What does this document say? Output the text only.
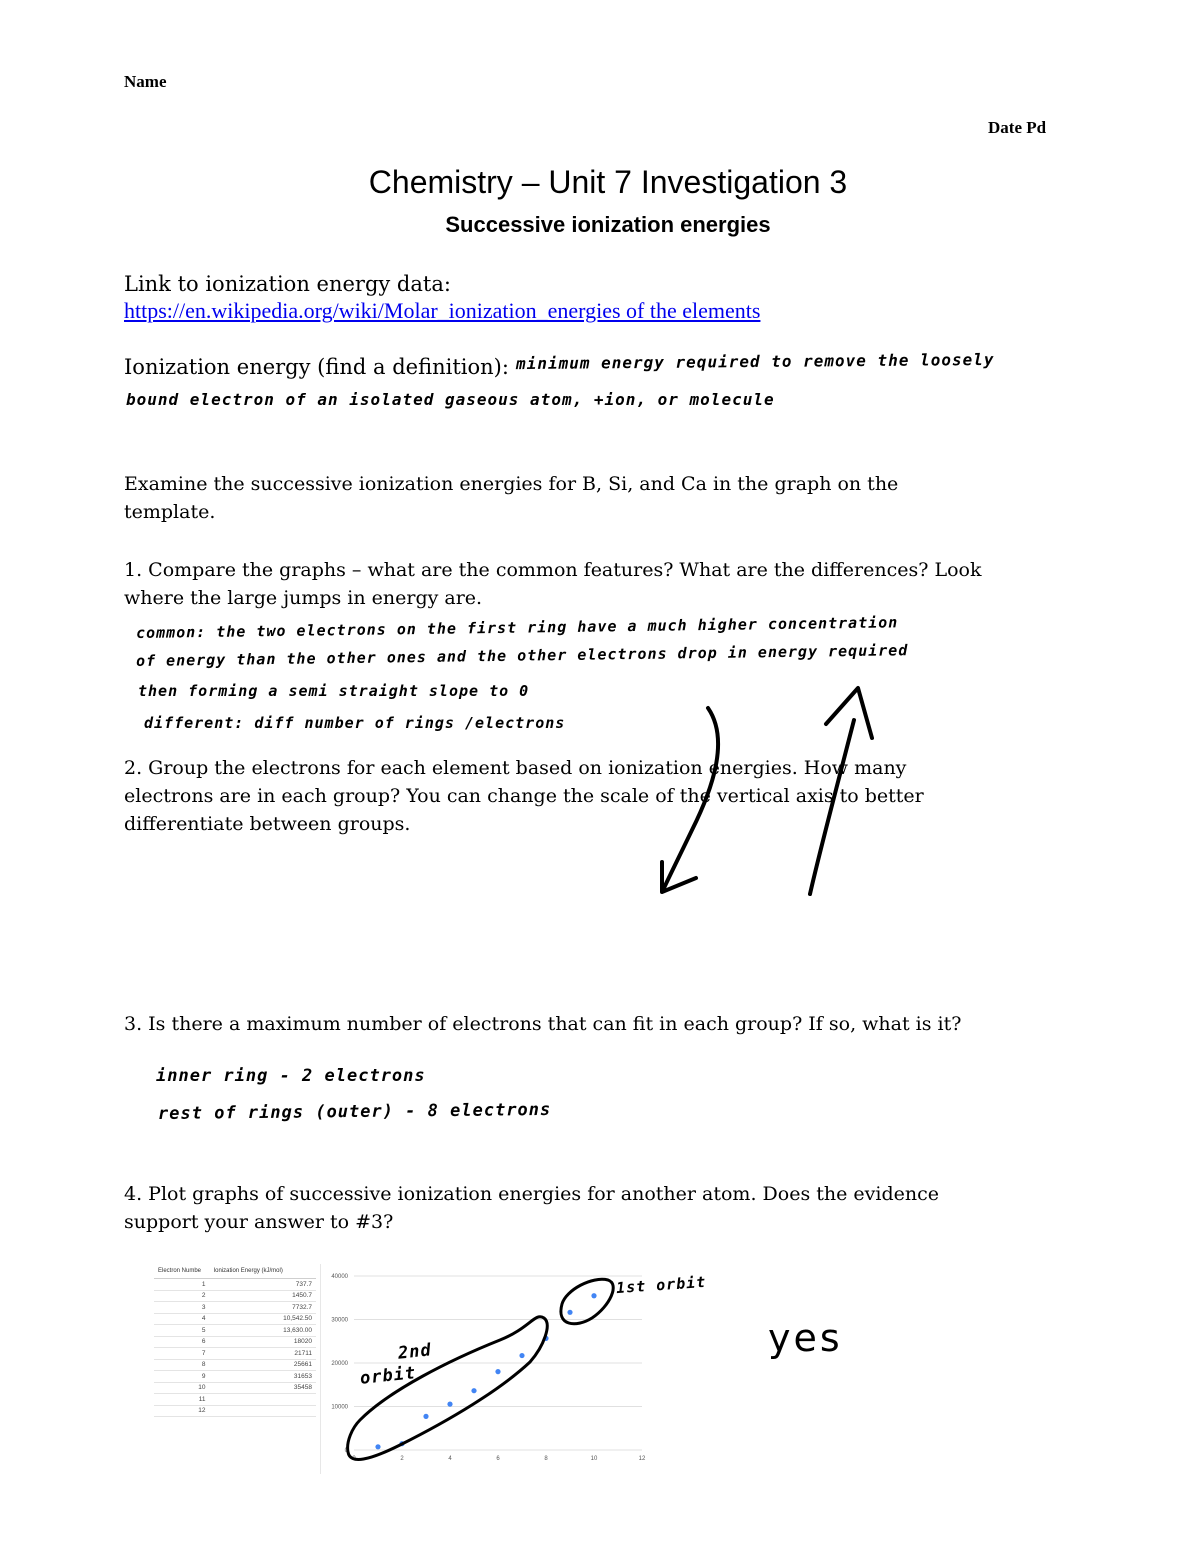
Name
Date Pd
Chemistry – Unit 7 Investigation 3
Successive ionization energies
Link to ionization energy data:
https://en.wikipedia.org/wiki/Molar_ionization_energies of the elements
Ionization energy (find a definition): minimum energy required to remove the loosely
bound electron of an isolated gaseous atom, +ion, or molecule
Examine the successive ionization energies for B, Si, and Ca in the graph on the
template.
1. Compare the graphs – what are the common features? What are the differences? Look
where the large jumps in energy are.
common: the two electrons on the first ring have a much higher concentration
of energy than the other ones and the other electrons drop in energy required
then forming a semi straight slope to 0
different: diff number of rings /electrons
2. Group the electrons for each element based on ionization energies. How many
electrons are in each group? You can change the scale of the vertical axis to better
differentiate between groups.
3. Is there a maximum number of electrons that can fit in each group? If so, what is it?
inner ring - 2 electrons
rest of rings (outer) - 8 electrons
4. Plot graphs of successive ionization energies for another atom. Does the evidence
support your answer to #3?
Electron Numbe	Ionization Energy (kJ/mol)
1	737.7
2	1450.7
3	7732.7
4	10,542.50
5	13,630.00
6	18020
7	21711
8	25661
9	31653
10	35458
11	
12	
0
10000
20000
30000
40000
0	2	4	6	8	10	12
1st orbit
2nd
orbit
yes
